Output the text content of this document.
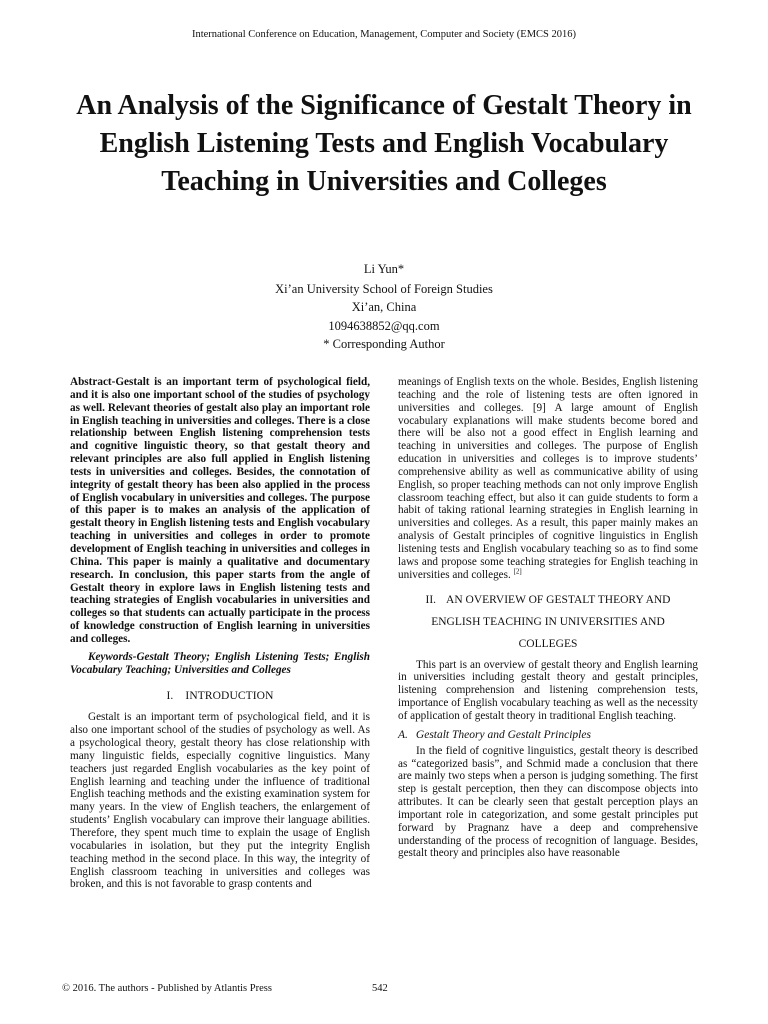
International Conference on Education, Management, Computer and Society (EMCS 2016)
An Analysis of the Significance of Gestalt Theory in English Listening Tests and English Vocabulary Teaching in Universities and Colleges
Li Yun*
Xi’an University School of Foreign Studies
Xi’an, China
1094638852@qq.com
* Corresponding Author

Abstract-Gestalt is an important term of psychological field, and it is also one important school of the studies of psychology as well. Relevant theories of gestalt also play an important role in English teaching in universities and colleges. There is a close relationship between English listening comprehension tests and cognitive linguistic theory, so that gestalt theory and relevant principles are also full applied in English listening tests in universities and colleges. Besides, the connotation of integrity of gestalt theory has been also applied in the process of English vocabulary in universities and colleges. The purpose of this paper is to makes an analysis of the application of gestalt theory in English listening tests and English vocabulary teaching in universities and colleges in order to promote development of English teaching in universities and colleges in China. This paper is mainly a qualitative and documentary research. In conclusion, this paper starts from the angle of Gestalt theory in explore laws in English listening tests and teaching strategies of English vocabularies in universities and colleges so that students can actually participate in the process of knowledge construction of English learning in universities and colleges.

Keywords-Gestalt Theory; English Listening Tests; English Vocabulary Teaching; Universities and Colleges

I. INTRODUCTION

Gestalt is an important term of psychological field, and it is also one important school of the studies of psychology as well. As a psychological theory, gestalt theory has close relationship with many linguistic fields, especially cognitive linguistics. Many teachers just regarded English vocabularies as the key point of English learning and teaching under the influence of traditional English teaching methods and the existing examination system for many years. In the view of English teachers, the enlargement of students’ English vocabulary can improve their language abilities. Therefore, they spent much time to explain the usage of English vocabularies in isolation, but they put the integrity English teaching method in the second place. In this way, the integrity of English classroom teaching in universities and colleges was broken, and this is not favorable to grasp contents and

meanings of English texts on the whole. Besides, English listening teaching and the role of listening tests are often ignored in universities and colleges. [9] A large amount of English vocabulary explanations will make students become bored and there will be also not a good effect in English learning and teaching in universities and colleges. The purpose of English education in universities and colleges is to improve students’ comprehensive ability as well as communicative ability of using English, so proper teaching methods can not only improve English classroom teaching effect, but also it can guide students to form a habit of taking rational learning strategies in English learning in universities and colleges. As a result, this paper mainly makes an analysis of Gestalt principles of cognitive linguistics in English listening tests and English vocabulary teaching so as to find some laws and propose some teaching strategies for English teaching in universities and colleges. [2]

II. AN OVERVIEW OF GESTALT THEORY AND
ENGLISH TEACHING IN UNIVERSITIES AND
COLLEGES

This part is an overview of gestalt theory and English learning in universities including gestalt theory and gestalt principles, listening comprehension and listening comprehension tests, importance of English vocabulary teaching as well as the necessity of application of gestalt theory in traditional English teaching.

A. Gestalt Theory and Gestalt Principles

In the field of cognitive linguistics, gestalt theory is described as “categorized basis”, and Schmid made a conclusion that there are mainly two steps when a person is judging something. The first step is gestalt perception, then they can discompose objects into attributes. It can be clearly seen that gestalt perception plays an important role in categorization, and some gestalt principles put forward by Pragnanz have a deep and comprehensive understanding of the process of recognition of language. Besides, gestalt theory and principles also have reasonable

© 2016. The authors - Published by Atlantis Press	542
